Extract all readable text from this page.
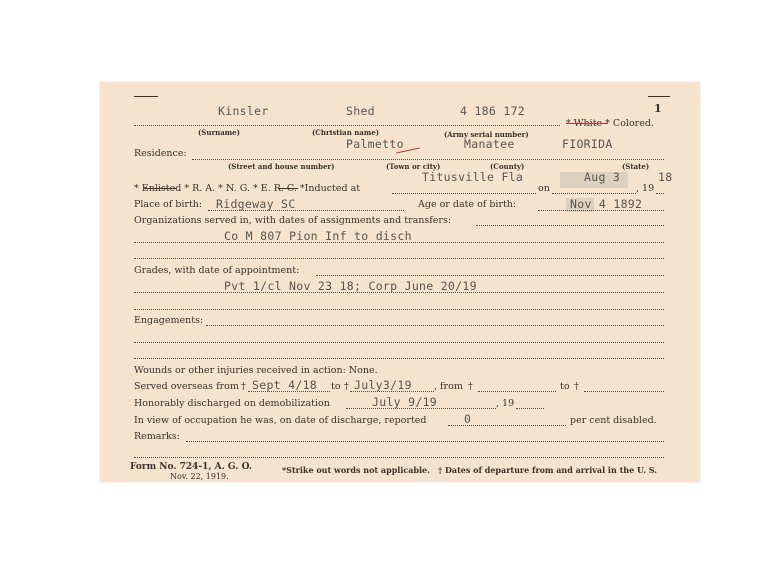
Kinsler	Shed	4 186 172	1
* White * Colored.
(Surname)	(Christian name)	(Army serial number)
Palmetto	Manatee	FIORIDA
Residence:
(Street and house number)	(Town or city)	(County)	(State)
Titusville Fla	Aug 3	18
* Enlisted * R. A. * N. G. * E. R. C. *Inducted at	on	, 19
Place of birth: Ridgeway SC	Age or date of birth:	Nov 4 1892
Organizations served in, with dates of assignments and transfers:
Co M 807 Pion Inf to disch
Grades, with date of appointment:
Pvt 1/cl Nov 23 18; Corp June 20/19
Engagements:
Wounds or other injuries received in action: None.
Served overseas from † Sept 4/18 to † July3/19 , from †	to †
Honorably discharged on demobilization	July 9/19	, 19
In view of occupation he was, on date of discharge, reported	0	per cent disabled.
Remarks:
Form No. 724-1, A. G. O.
Nov. 22, 1919.
*Strike out words not applicable. † Dates of departure from and arrival in the U. S.
